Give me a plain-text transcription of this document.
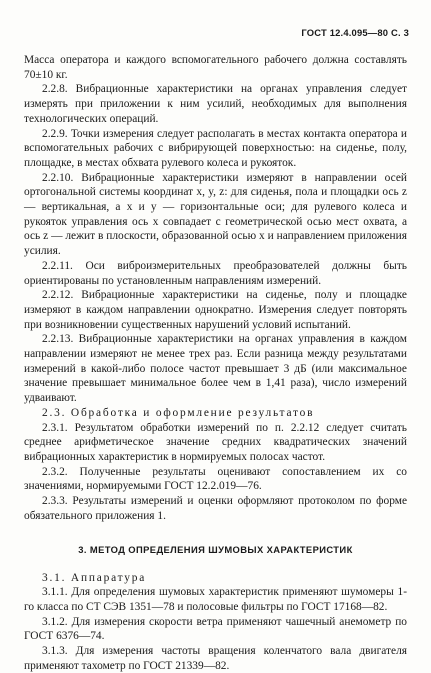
ГОСТ 12.4.095—80 С. 3

Масса оператора и каждого вспомогательного рабочего должна составлять 70±10 кг.

2.2.8. Вибрационные характеристики на органах управления следует измерять при приложении к ним усилий, необходимых для выполнения технологических операций.

2.2.9. Точки измерения следует располагать в местах контакта оператора и вспомогательных рабочих с вибрирующей поверхностью: на сиденье, полу, площадке, в местах обхвата рулевого колеса и рукояток.

2.2.10. Вибрационные характеристики измеряют в направлении осей ортогональной системы координат x, y, z: для сиденья, пола и площадки ось z — вертикальная, а x и y — горизонтальные оси; для рулевого колеса и рукояток управления ось x совпадает с геометрической осью мест охвата, а ось z — лежит в плоскости, образованной осью x и направлением приложения усилия.

2.2.11. Оси виброизмерительных преобразователей должны быть ориентированы по установленным направлениям измерений.

2.2.12. Вибрационные характеристики на сиденье, полу и площадке измеряют в каждом направлении однократно. Измерения следует повторять при возникновении существенных нарушений условий испытаний.

2.2.13. Вибрационные характеристики на органах управления в каждом направлении измеряют не менее трех раз. Если разница между результатами измерений в какой-либо полосе частот превышает 3 дБ (или максимальное значение превышает минимальное более чем в 1,41 раза), число измерений удваивают.

2.3. Обработка и оформление результатов

2.3.1. Результатом обработки измерений по п. 2.2.12 следует считать среднее арифметическое значение средних квадратических значений вибрационных характеристик в нормируемых полосах частот.

2.3.2. Полученные результаты оценивают сопоставлением их со значениями, нормируемыми ГОСТ 12.2.019—76.

2.3.3. Результаты измерений и оценки оформляют протоколом по форме обязательного приложения 1.

3. МЕТОД ОПРЕДЕЛЕНИЯ ШУМОВЫХ ХАРАКТЕРИСТИК

3.1. Аппаратура

3.1.1. Для определения шумовых характеристик применяют шумомеры 1-го класса по СТ СЭВ 1351—78 и полосовые фильтры по ГОСТ 17168—82.

3.1.2. Для измерения скорости ветра применяют чашечный анемометр по ГОСТ 6376—74.

3.1.3. Для измерения частоты вращения коленчатого вала двигателя применяют тахометр по ГОСТ 21339—82.
